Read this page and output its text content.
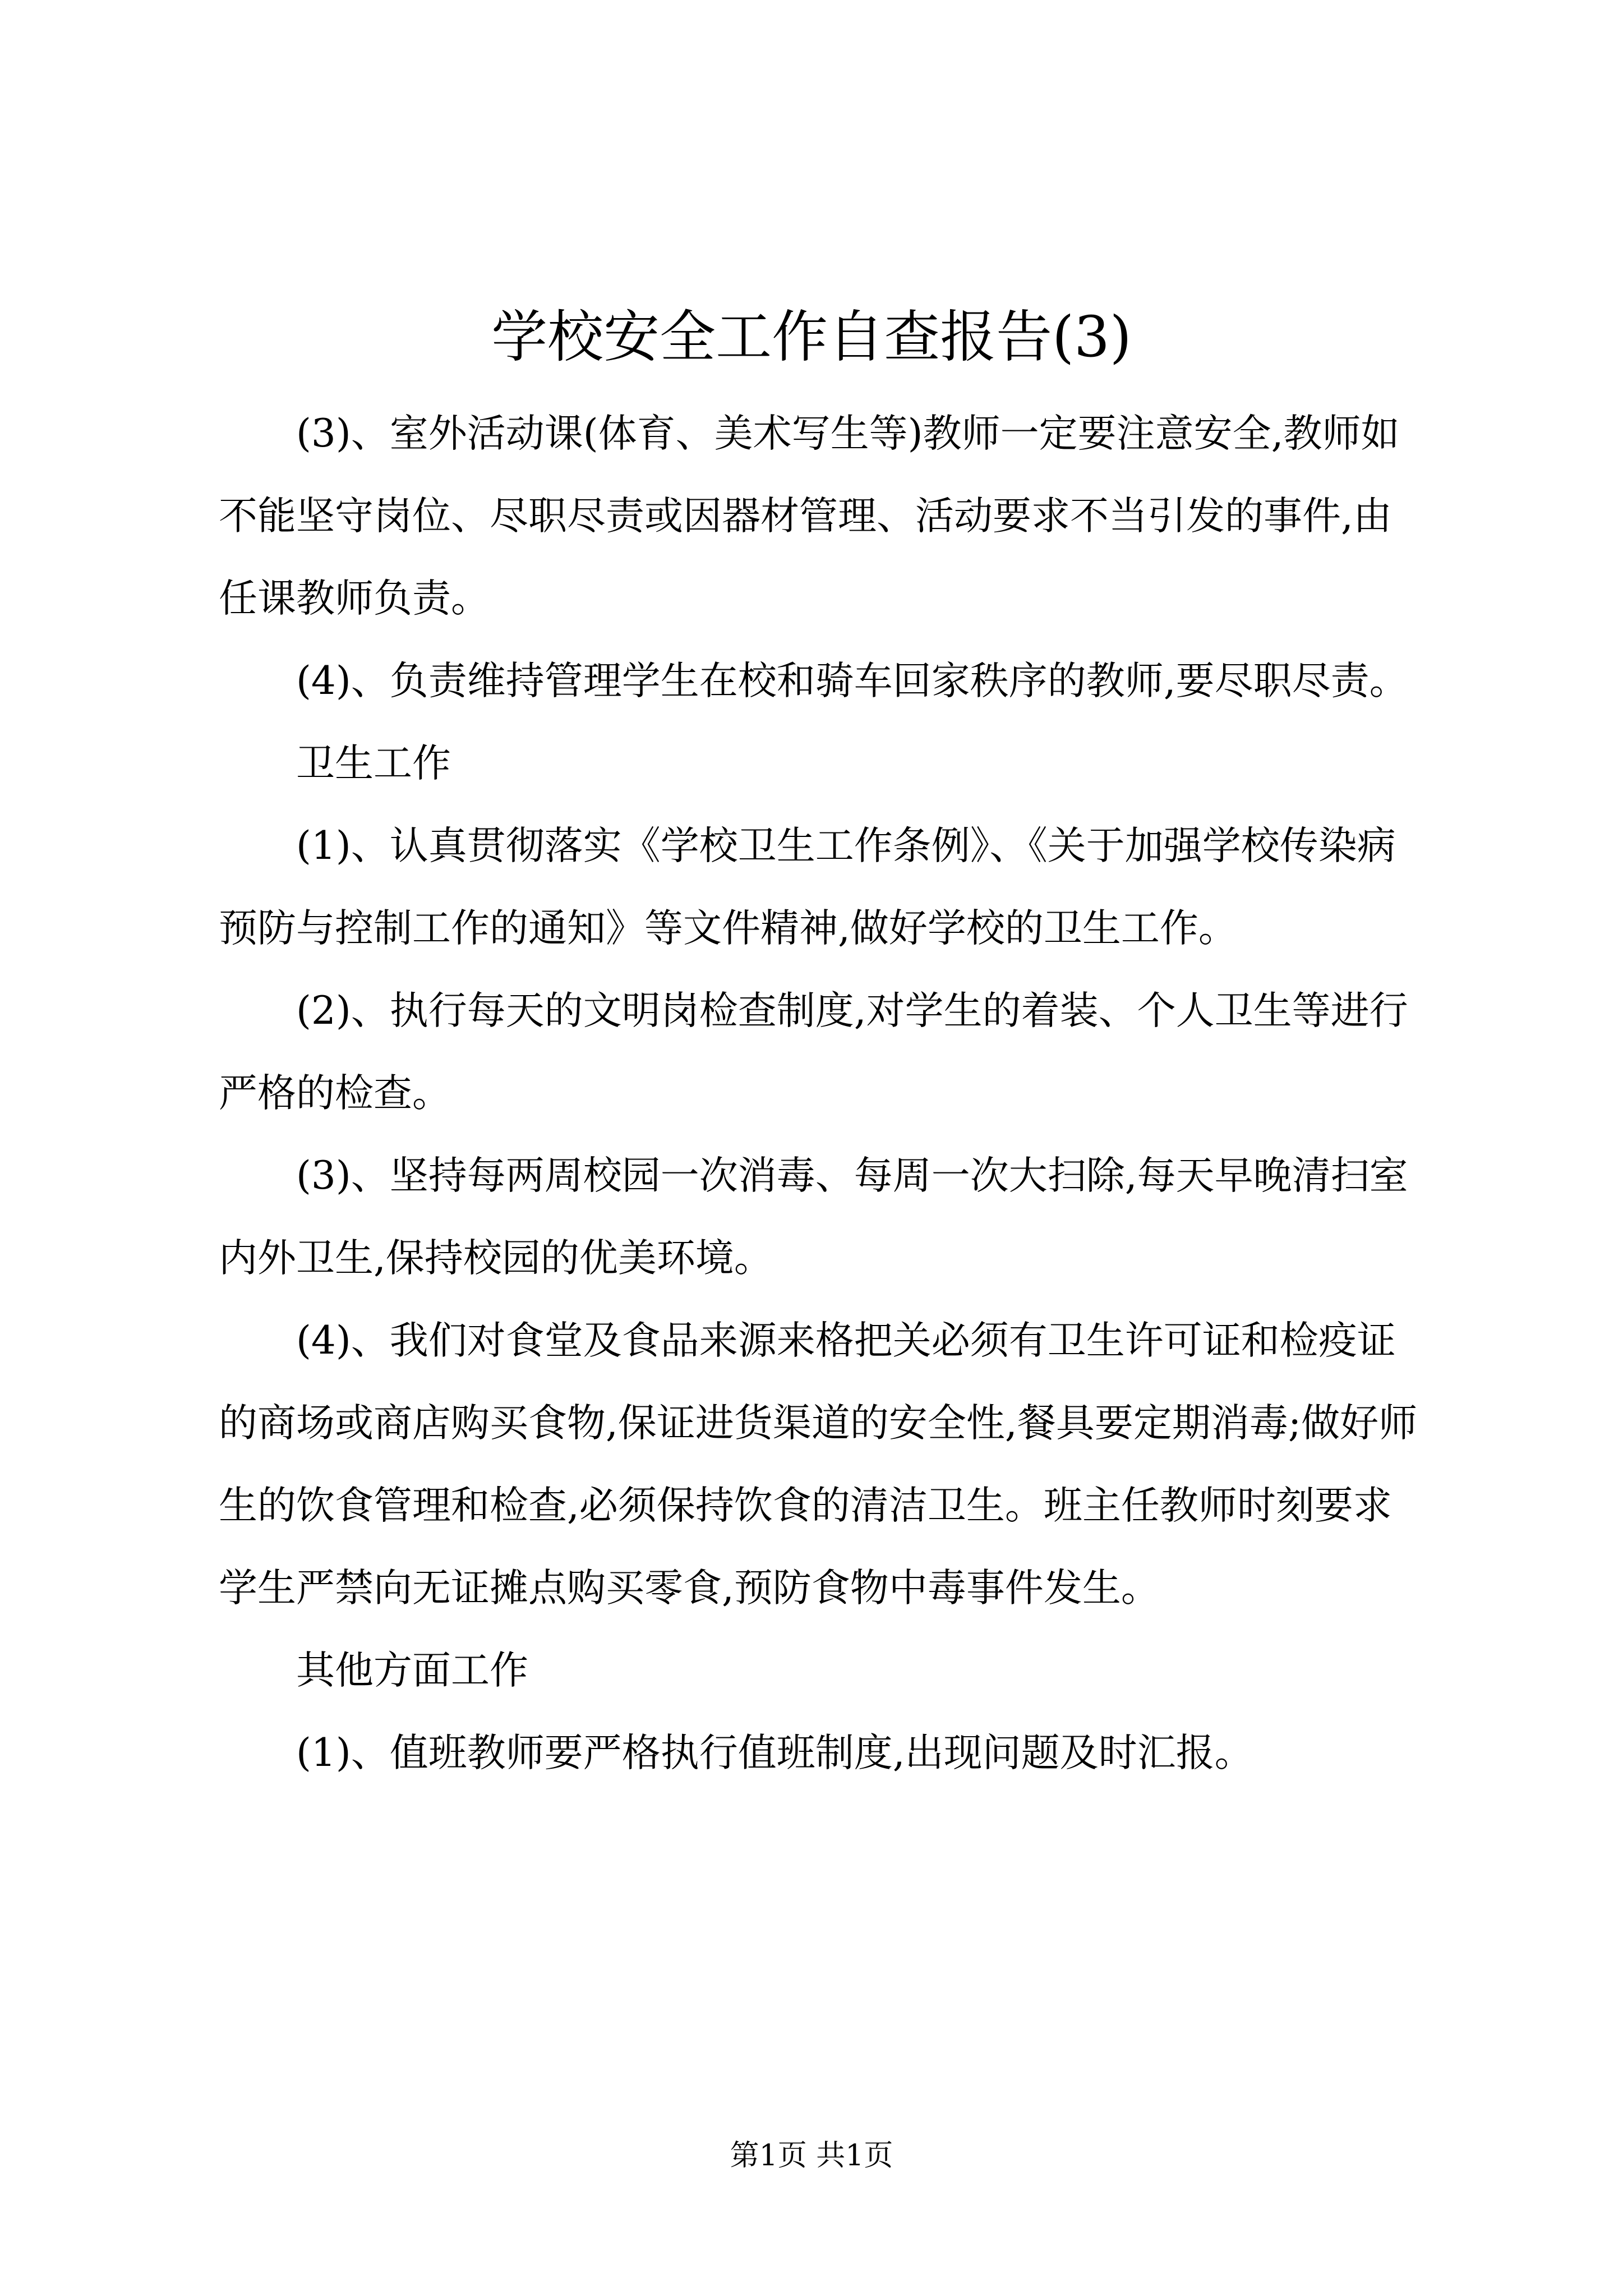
学校安全工作自查报告(3)

(3)、室外活动课(体育、美术写生等)教师一定要注意安全,教师如不能坚守岗位、尽职尽责或因器材管理、活动要求不当引发的事件,由任课教师负责。

(4)、负责维持管理学生在校和骑车回家秩序的教师,要尽职尽责。

卫生工作

(1)、认真贯彻落实《学校卫生工作条例》、《关于加强学校传染病预防与控制工作的通知》等文件精神,做好学校的卫生工作。

(2)、执行每天的文明岗检查制度,对学生的着装、个人卫生等进行严格的检查。

(3)、坚持每两周校园一次消毒、每周一次大扫除,每天早晚清扫室内外卫生,保持校园的优美环境。

(4)、我们对食堂及食品来源来格把关必须有卫生许可证和检疫证的商场或商店购买食物,保证进货渠道的安全性,餐具要定期消毒;做好师生的饮食管理和检查,必须保持饮食的清洁卫生。班主任教师时刻要求学生严禁向无证摊点购买零食,预防食物中毒事件发生。

其他方面工作

(1)、值班教师要严格执行值班制度,出现问题及时汇报。

第1页 共1页
